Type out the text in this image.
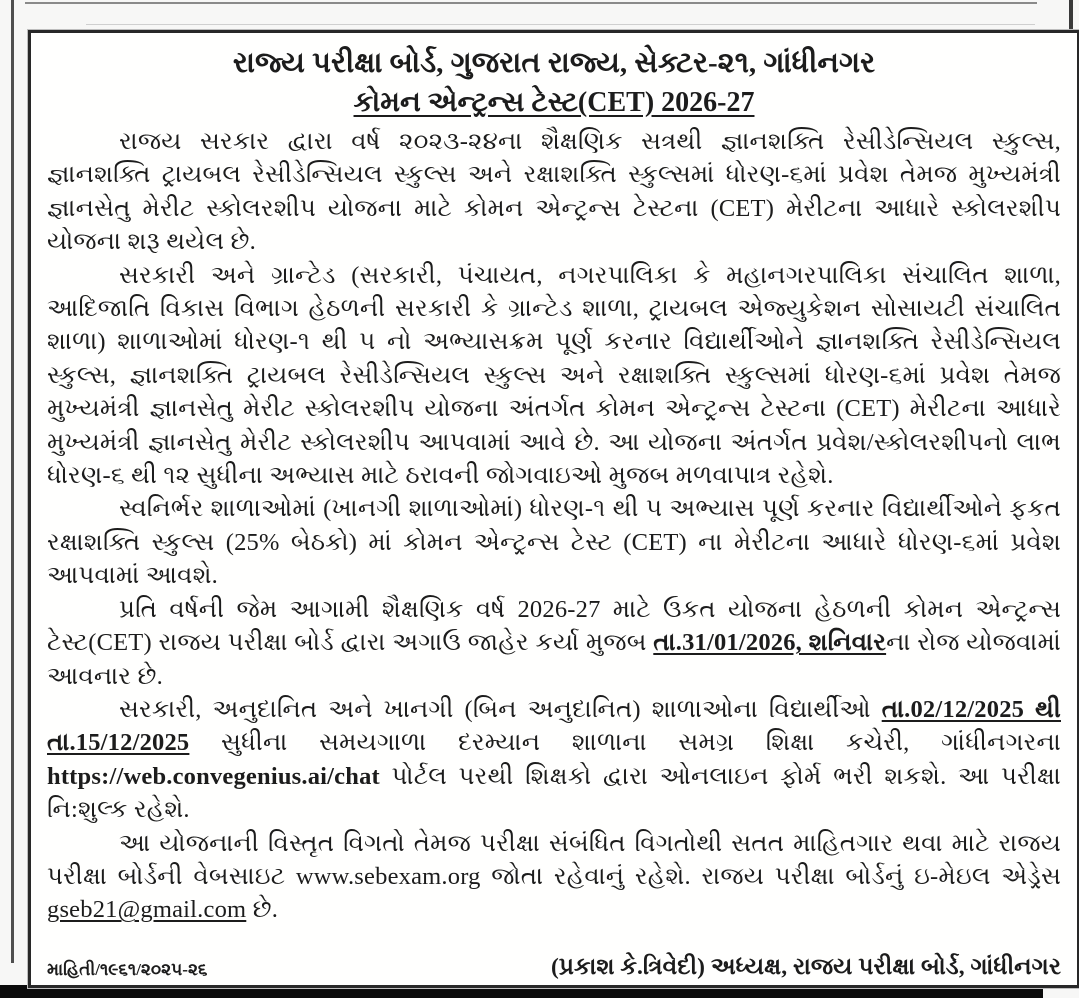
રાજ્ય પરીક્ષા બોર્ડ, ગુજરાત રાજ્ય, સેક્ટર-૨૧, ગાંધીનગર
કોમન એન્ટ્રન્સ ટેસ્ટ(CET) 2026-27

રાજય સરકાર દ્વારા વર્ષ ૨૦૨૩-૨૪ના શૈક્ષણિક સત્રથી જ્ઞાનશક્તિ રેસીડેન્સિયલ સ્કુલ્સ, જ્ઞાનશક્તિ ટ્રાયબલ રેસીડેન્સિયલ સ્કુલ્સ અને રક્ષાશક્તિ સ્કુલ્સમાં ધોરણ-૬માં પ્રવેશ તેમજ મુખ્યમંત્રી જ્ઞાનસેતુ મેરીટ સ્કોલરશીપ યોજના માટે કોમન એન્ટ્રન્સ ટેસ્ટના (CET) મેરીટના આધારે સ્કોલરશીપ યોજના શરૂ થયેલ છે.

સરકારી અને ગ્રાન્ટેડ (સરકારી, પંચાયત, નગરપાલિકા કે મહાનગરપાલિકા સંચાલિત શાળા, આદિજાતિ વિકાસ વિભાગ હેઠળની સરકારી કે ગ્રાન્ટેડ શાળા, ટ્રાયબલ એજ્યુકેશન સોસાયટી સંચાલિત શાળા) શાળાઓમાં ધોરણ-૧ થી ૫ નો અભ્યાસક્રમ પૂર્ણ કરનાર વિદ્યાર્થીઓને જ્ઞાનશક્તિ રેસીડેન્સિયલ સ્કુલ્સ, જ્ઞાનશક્તિ ટ્રાયબલ રેસીડેન્સિયલ સ્કુલ્સ અને રક્ષાશક્તિ સ્કુલ્સમાં ધોરણ-૬માં પ્રવેશ તેમજ મુખ્યમંત્રી જ્ઞાનસેતુ મેરીટ સ્કોલરશીપ યોજના અંતર્ગત કોમન એન્ટ્રન્સ ટેસ્ટના (CET) મેરીટના આધારે મુખ્યમંત્રી જ્ઞાનસેતુ મેરીટ સ્કોલરશીપ આપવામાં આવે છે. આ યોજના અંતર્ગત પ્રવેશ/સ્કોલરશીપનો લાભ ધોરણ-૬ થી ૧૨ સુધીના અભ્યાસ માટે ઠરાવની જોગવાઇઓ મુજબ મળવાપાત્ર રહેશે.

સ્વનિર્ભર શાળાઓમાં (ખાનગી શાળાઓમાં) ધોરણ-૧ થી ૫ અભ્યાસ પૂર્ણ કરનાર વિદ્યાર્થીઓને ફકત રક્ષાશક્તિ સ્કુલ્સ (25% બેઠકો) માં કોમન એન્ટ્રન્સ ટેસ્ટ (CET) ના મેરીટના આધારે ધોરણ-૬માં પ્રવેશ આપવામાં આવશે.

પ્રતિ વર્ષની જેમ આગામી શૈક્ષણિક વર્ષ 2026-27 માટે ઉકત યોજના હેઠળની કોમન એન્ટ્રન્સ ટેસ્ટ(CET) રાજય પરીક્ષા બોર્ડ દ્વારા અગાઉ જાહેર કર્યા મુજબ તા.31/01/2026, શનિવારના રોજ યોજવામાં આવનાર છે.

સરકારી, અનુદાનિત અને ખાનગી (બિન અનુદાનિત) શાળાઓના વિદ્યાર્થીઓ તા.02/12/2025 થી તા.15/12/2025 સુધીના સમયગાળા દરમ્યાન શાળાના સમગ્ર શિક્ષા કચેરી, ગાંધીનગરના https://web.convegenius.ai/chat પોર્ટલ પરથી શિક્ષકો દ્વારા ઓનલાઇન ફોર્મ ભરી શકશે. આ પરીક્ષા નિ:શુલ્ક રહેશે.

આ યોજનાની વિસ્તૃત વિગતો તેમજ પરીક્ષા સંબંધિત વિગતોથી સતત માહિતગાર થવા માટે રાજય પરીક્ષા બોર્ડની વેબસાઇટ www.sebexam.org જોતા રહેવાનું રહેશે. રાજય પરીક્ષા બોર્ડનું ઇ-મેઇલ એડ્રેસ gseb21@gmail.com છે.

માહિતી/૧૯૬૧/૨૦૨૫-૨૬	(પ્રકાશ કે.ત્રિવેદી) અધ્યક્ષ, રાજય પરીક્ષા બોર્ડ, ગાંધીનગર
